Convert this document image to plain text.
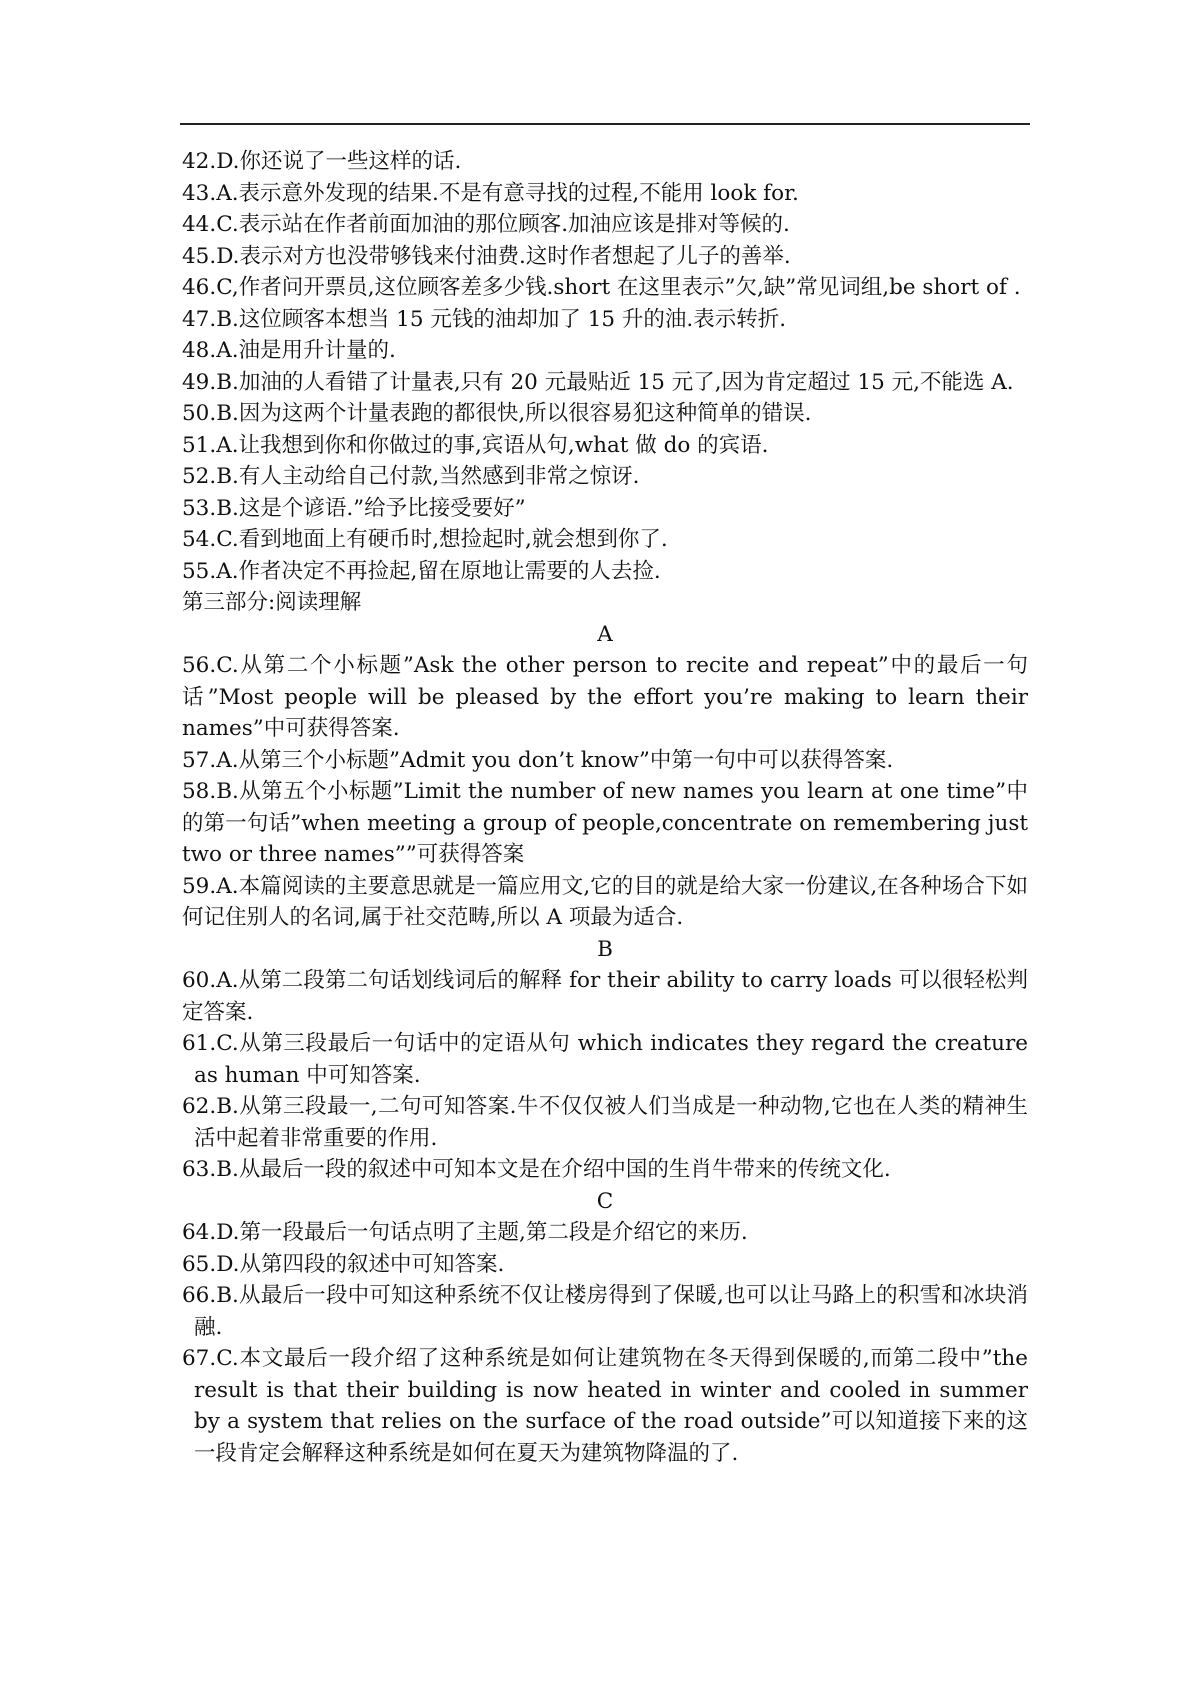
42.D.你还说了一些这样的话.
43.A.表示意外发现的结果.不是有意寻找的过程,不能用 look for.
44.C.表示站在作者前面加油的那位顾客.加油应该是排对等候的.
45.D.表示对方也没带够钱来付油费.这时作者想起了儿子的善举.
46.C,作者问开票员,这位顾客差多少钱.short 在这里表示”欠,缺”常见词组,be short of .
47.B.这位顾客本想当 15 元钱的油却加了 15 升的油.表示转折.
48.A.油是用升计量的.
49.B.加油的人看错了计量表,只有 20 元最贴近 15 元了,因为肯定超过 15 元,不能选 A.
50.B.因为这两个计量表跑的都很快,所以很容易犯这种简单的错误.
51.A.让我想到你和你做过的事,宾语从句,what 做 do 的宾语.
52.B.有人主动给自己付款,当然感到非常之惊讶.
53.B.这是个谚语.”给予比接受要好”
54.C.看到地面上有硬币时,想捡起时,就会想到你了.
55.A.作者决定不再捡起,留在原地让需要的人去捡.
第三部分:阅读理解
A
56.C.从第二个小标题”Ask the other person to recite and repeat”中的最后一句话”Most people will be pleased by the effort you’re making to learn their names”中可获得答案.
57.A.从第三个小标题”Admit you don’t know”中第一句中可以获得答案.
58.B.从第五个小标题”Limit the number of new names you learn at one time”中的第一句话”when meeting a group of people,concentrate on remembering just two or three names””可获得答案
59.A.本篇阅读的主要意思就是一篇应用文,它的目的就是给大家一份建议,在各种场合下如何记住别人的名词,属于社交范畴,所以 A 项最为适合.
B
60.A.从第二段第二句话划线词后的解释 for their ability to carry loads 可以很轻松判定答案.
61.C.从第三段最后一句话中的定语从句 which indicates they regard the creature as human 中可知答案.
62.B.从第三段最一,二句可知答案.牛不仅仅被人们当成是一种动物,它也在人类的精神生活中起着非常重要的作用.
63.B.从最后一段的叙述中可知本文是在介绍中国的生肖牛带来的传统文化.
C
64.D.第一段最后一句话点明了主题,第二段是介绍它的来历.
65.D.从第四段的叙述中可知答案.
66.B.从最后一段中可知这种系统不仅让楼房得到了保暖,也可以让马路上的积雪和冰块消融.
67.C.本文最后一段介绍了这种系统是如何让建筑物在冬天得到保暖的,而第二段中”the result is that their building is now heated in winter and cooled in summer by a system that relies on the surface of the road outside”可以知道接下来的这一段肯定会解释这种系统是如何在夏天为建筑物降温的了.
